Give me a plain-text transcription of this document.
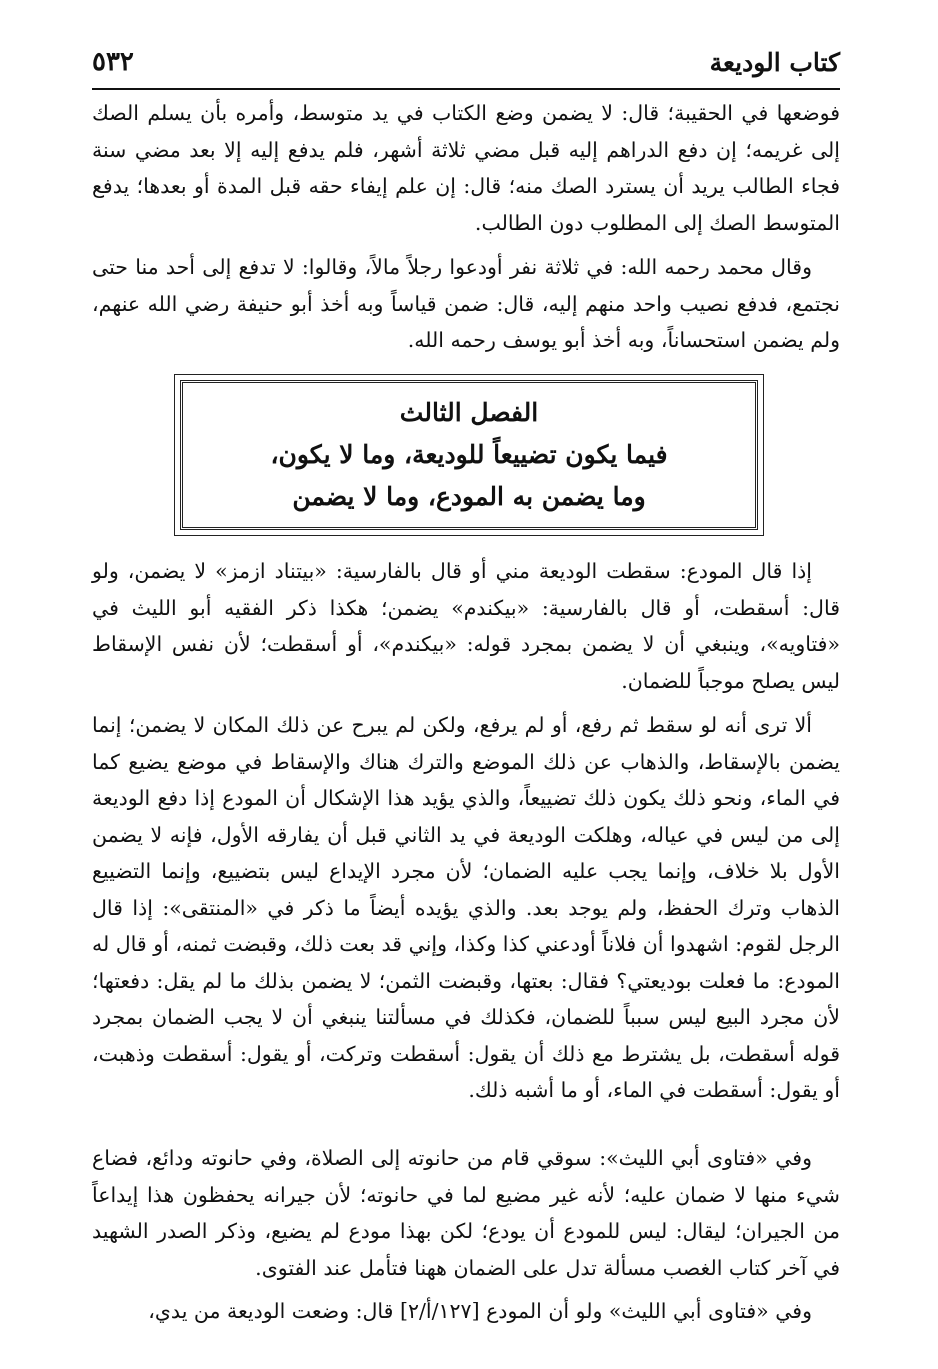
٥٣٢	كتاب الوديعة

فوضعها في الحقيبة؛ قال: لا يضمن وضع الكتاب في يد متوسط، وأمره بأن يسلم الصك إلى غريمه؛ إن دفع الدراهم إليه قبل مضي ثلاثة أشهر، فلم يدفع إليه إلا بعد مضي سنة فجاء الطالب يريد أن يسترد الصك منه؛ قال: إن علم إيفاء حقه قبل المدة أو بعدها؛ يدفع المتوسط الصك إلى المطلوب دون الطالب.

وقال محمد رحمه الله: في ثلاثة نفر أودعوا رجلاً مالاً، وقالوا: لا تدفع إلى أحد منا حتى نجتمع، فدفع نصيب واحد منهم إليه، قال: ضمن قياساً وبه أخذ أبو حنيفة رضي الله عنهم، ولم يضمن استحساناً، وبه أخذ أبو يوسف رحمه الله.

الفصل الثالث
فيما يكون تضييعاً للوديعة، وما لا يكون،
وما يضمن به المودع، وما لا يضمن

إذا قال المودع: سقطت الوديعة مني أو قال بالفارسية: «بيتناد ازمز» لا يضمن، ولو قال: أسقطت، أو قال بالفارسية: «بيكندم» يضمن؛ هكذا ذكر الفقيه أبو الليث في «فتاويه»، وينبغي أن لا يضمن بمجرد قوله: «بيكندم»، أو أسقطت؛ لأن نفس الإسقاط ليس يصلح موجباً للضمان.

ألا ترى أنه لو سقط ثم رفع، أو لم يرفع، ولكن لم يبرح عن ذلك المكان لا يضمن؛ إنما يضمن بالإسقاط، والذهاب عن ذلك الموضع والترك هناك والإسقاط في موضع يضيع كما في الماء، ونحو ذلك يكون ذلك تضييعاً، والذي يؤيد هذا الإشكال أن المودع إذا دفع الوديعة إلى من ليس في عياله، وهلكت الوديعة في يد الثاني قبل أن يفارقه الأول، فإنه لا يضمن الأول بلا خلاف، وإنما يجب عليه الضمان؛ لأن مجرد الإيداع ليس بتضييع، وإنما التضييع الذهاب وترك الحفظ، ولم يوجد بعد. والذي يؤيده أيضاً ما ذكر في «المنتقى»: إذا قال الرجل لقوم: اشهدوا أن فلاناً أودعني كذا وكذا، وإني قد بعت ذلك، وقبضت ثمنه، أو قال له المودع: ما فعلت بوديعتي؟ فقال: بعتها، وقبضت الثمن؛ لا يضمن بذلك ما لم يقل: دفعتها؛ لأن مجرد البيع ليس سبباً للضمان، فكذلك في مسألتنا ينبغي أن لا يجب الضمان بمجرد قوله أسقطت، بل يشترط مع ذلك أن يقول: أسقطت وتركت، أو يقول: أسقطت وذهبت، أو يقول: أسقطت في الماء، أو ما أشبه ذلك.

وفي «فتاوى أبي الليث»: سوقي قام من حانوته إلى الصلاة، وفي حانوته ودائع، فضاع شيء منها لا ضمان عليه؛ لأنه غير مضيع لما في حانوته؛ لأن جيرانه يحفظون هذا إيداعاً من الجيران؛ ليقال: ليس للمودع أن يودع؛ لكن بهذا مودع لم يضيع، وذكر الصدر الشهيد في آخر كتاب الغصب مسألة تدل على الضمان ههنا فتأمل عند الفتوى.

وفي «فتاوى أبي الليث» ولو أن المودع [١٢٧/أ/٢] قال: وضعت الوديعة من يدي،
